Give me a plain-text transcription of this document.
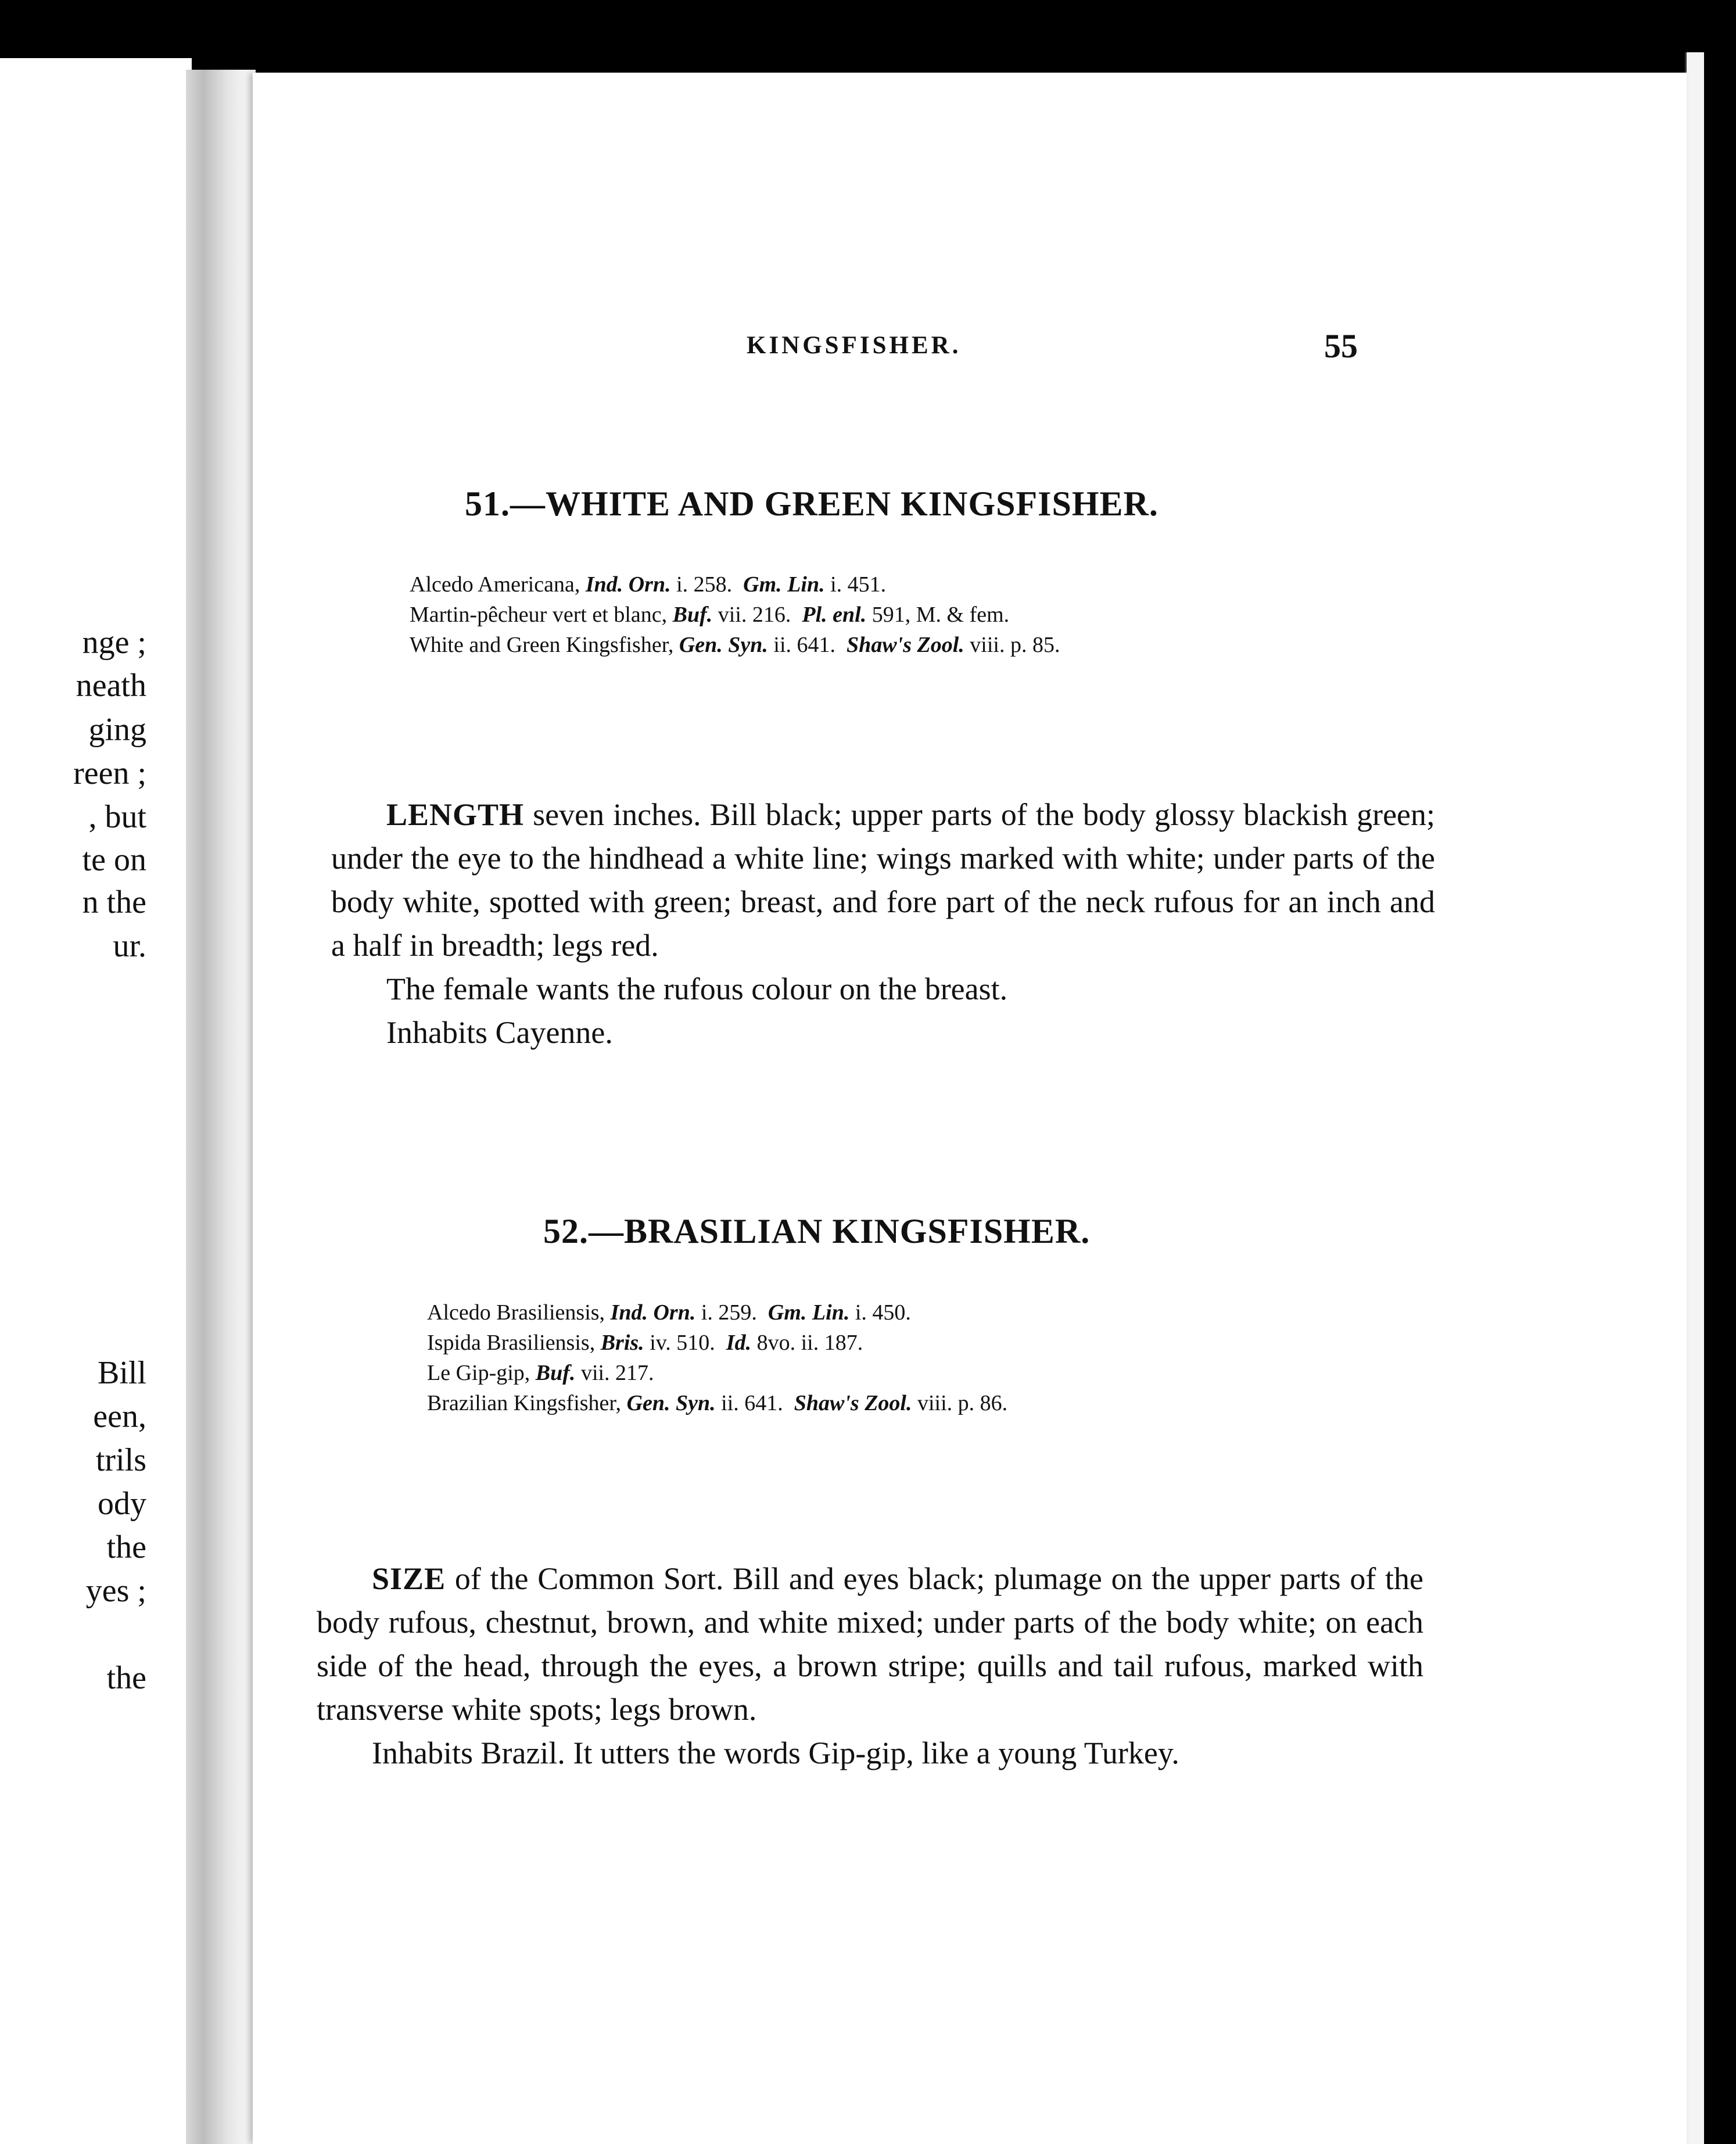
nge ;
neath
ging
reen ;
, but
te on
n the
ur.
Bill
een,
trils
ody
the
yes ;
the
KINGSFISHER.	55
51.—WHITE AND GREEN KINGSFISHER.
Alcedo Americana, Ind. Orn. i. 258. Gm. Lin. i. 451.
Martin-pêcheur vert et blanc, Buf. vii. 216. Pl. enl. 591, M. & fem.
White and Green Kingsfisher, Gen. Syn. ii. 641. Shaw's Zool. viii. p. 85.

LENGTH seven inches. Bill black; upper parts of the body glossy blackish green; under the eye to the hindhead a white line; wings marked with white; under parts of the body white, spotted with green; breast, and fore part of the neck rufous for an inch and a half in breadth; legs red.

The female wants the rufous colour on the breast.

Inhabits Cayenne.

52.—BRASILIAN KINGSFISHER.
Alcedo Brasiliensis, Ind. Orn. i. 259. Gm. Lin. i. 450.
Ispida Brasiliensis, Bris. iv. 510. Id. 8vo. ii. 187.
Le Gip-gip, Buf. vii. 217.
Brazilian Kingsfisher, Gen. Syn. ii. 641. Shaw's Zool. viii. p. 86.

SIZE of the Common Sort. Bill and eyes black; plumage on the upper parts of the body rufous, chestnut, brown, and white mixed; under parts of the body white; on each side of the head, through the eyes, a brown stripe; quills and tail rufous, marked with transverse white spots; legs brown.

Inhabits Brazil. It utters the words Gip-gip, like a young Turkey.
